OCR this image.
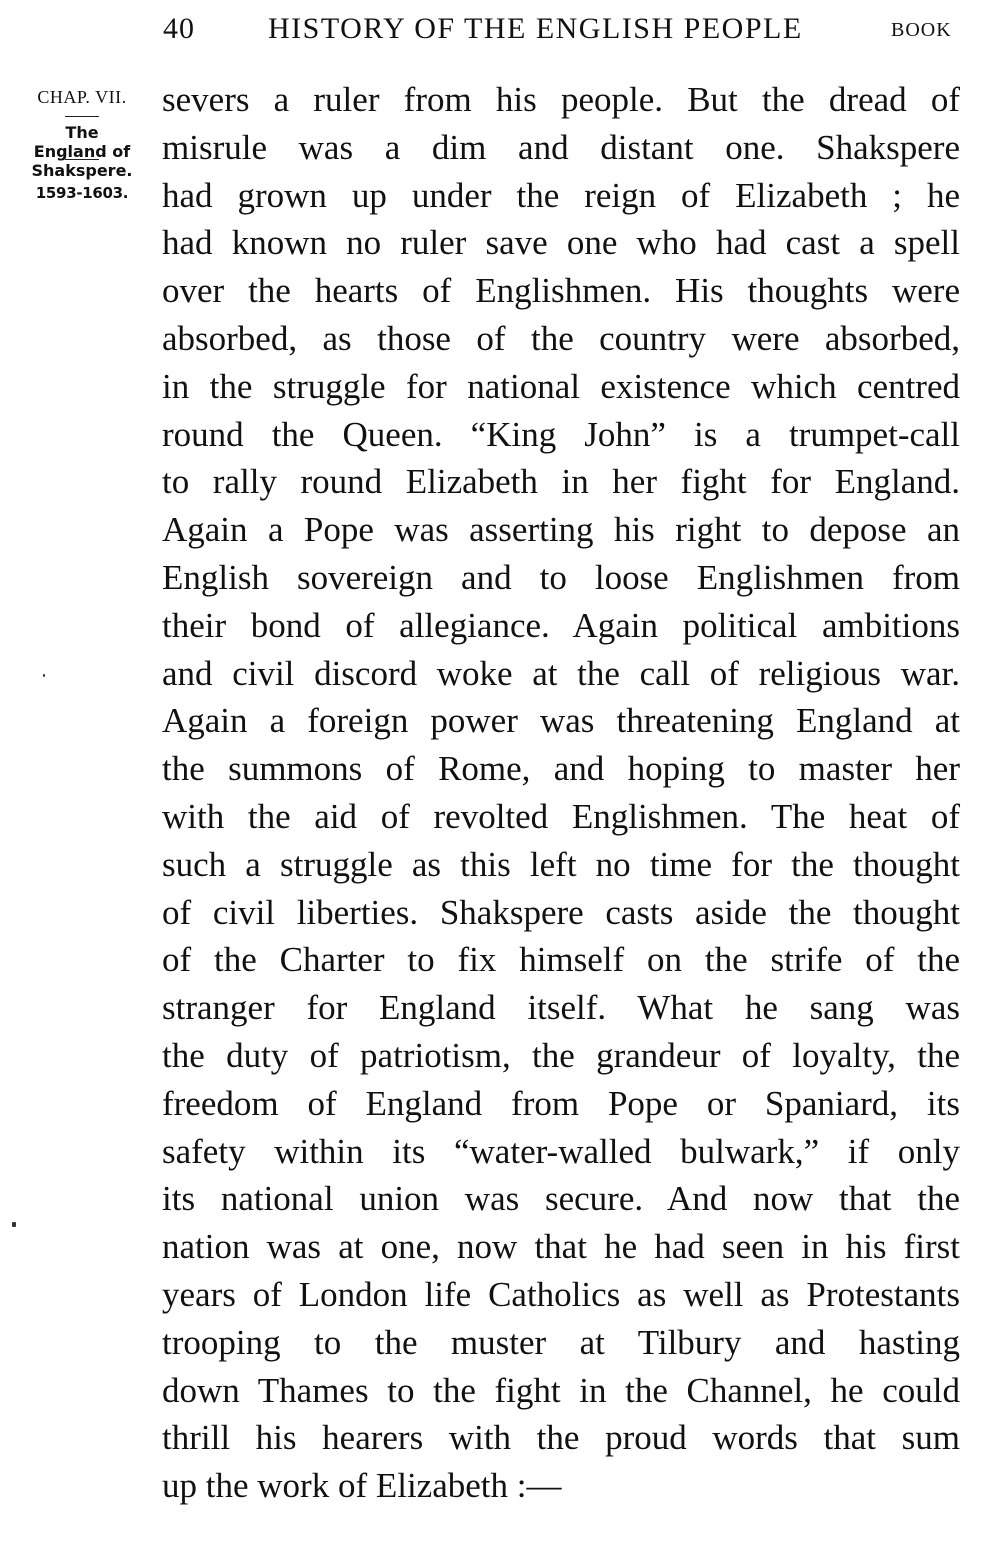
40 HISTORY OF THE ENGLISH PEOPLE	BOOK
CHAP. VII.
The
England of
Shakspere.
1593-1603.
severs a ruler from his people. But the dread of
misrule was a dim and distant one. Shakspere
had grown up under the reign of Elizabeth ; he
had known no ruler save one who had cast a spell
over the hearts of Englishmen. His thoughts were
absorbed, as those of the country were absorbed,
in the struggle for national existence which centred
round the Queen. “King John” is a trumpet-call
to rally round Elizabeth in her fight for England.
Again a Pope was asserting his right to depose an
English sovereign and to loose Englishmen from
their bond of allegiance. Again political ambitions
and civil discord woke at the call of religious war.
Again a foreign power was threatening England at
the summons of Rome, and hoping to master her
with the aid of revolted Englishmen. The heat of
such a struggle as this left no time for the thought
of civil liberties. Shakspere casts aside the thought
of the Charter to fix himself on the strife of the
stranger for England itself. What he sang was
the duty of patriotism, the grandeur of loyalty, the
freedom of England from Pope or Spaniard, its
safety within its “water-walled bulwark,” if only
its national union was secure. And now that the
nation was at one, now that he had seen in his first
years of London life Catholics as well as Protestants
trooping to the muster at Tilbury and hasting
down Thames to the fight in the Channel, he could
thrill his hearers with the proud words that sum
up the work of Elizabeth :—
